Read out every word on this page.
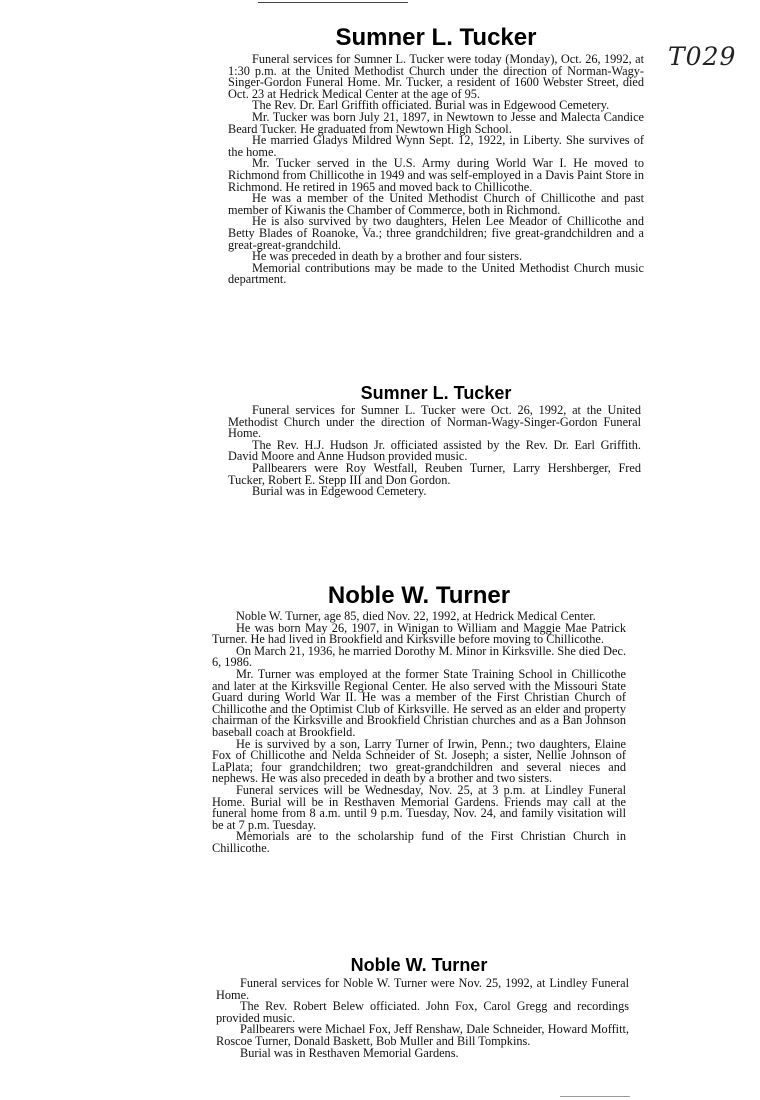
T029
Sumner L. Tucker

Funeral services for Sumner L. Tucker were today (Monday), Oct. 26, 1992, at 1:30 p.m. at the United Methodist Church under the direction of Norman-Wagy-Singer-Gordon Funeral Home. Mr. Tucker, a resident of 1600 Webster Street, died Oct. 23 at Hedrick Medical Center at the age of 95.

The Rev. Dr. Earl Griffith officiated. Burial was in Edgewood Cemetery.

Mr. Tucker was born July 21, 1897, in Newtown to Jesse and Malecta Candice Beard Tucker. He graduated from Newtown High School.

He married Gladys Mildred Wynn Sept. 12, 1922, in Liberty. She survives of the home.

Mr. Tucker served in the U.S. Army during World War I. He moved to Richmond from Chillicothe in 1949 and was self-employed in a Davis Paint Store in Richmond. He retired in 1965 and moved back to Chillicothe.

He was a member of the United Methodist Church of Chillicothe and past member of Kiwanis the Chamber of Commerce, both in Richmond.

He is also survived by two daughters, Helen Lee Meador of Chillicothe and Betty Blades of Roanoke, Va.; three grandchildren; five great-grandchildren and a great-great-grandchild.

He was preceded in death by a brother and four sisters.

Memorial contributions may be made to the United Methodist Church music department.

Sumner L. Tucker

Funeral services for Sumner L. Tucker were Oct. 26, 1992, at the United Methodist Church under the direction of Norman-Wagy-Singer-Gordon Funeral Home.

The Rev. H.J. Hudson Jr. officiated assisted by the Rev. Dr. Earl Griffith. David Moore and Anne Hudson provided music.

Pallbearers were Roy Westfall, Reuben Turner, Larry Hershberger, Fred Tucker, Robert E. Stepp III and Don Gordon.

Burial was in Edgewood Cemetery.

Noble W. Turner

Noble W. Turner, age 85, died Nov. 22, 1992, at Hedrick Medical Center.

He was born May 26, 1907, in Winigan to William and Maggie Mae Patrick Turner. He had lived in Brookfield and Kirksville before moving to Chillicothe.

On March 21, 1936, he married Dorothy M. Minor in Kirksville. She died Dec. 6, 1986.

Mr. Turner was employed at the former State Training School in Chillicothe and later at the Kirksville Regional Center. He also served with the Missouri State Guard during World War II. He was a member of the First Christian Church of Chillicothe and the Optimist Club of Kirksville. He served as an elder and property chairman of the Kirksville and Brookfield Christian churches and as a Ban Johnson baseball coach at Brookfield.

He is survived by a son, Larry Turner of Irwin, Penn.; two daughters, Elaine Fox of Chillicothe and Nelda Schneider of St. Joseph; a sister, Nellie Johnson of LaPlata; four grandchildren; two great-grandchildren and several nieces and nephews. He was also preceded in death by a brother and two sisters.

Funeral services will be Wednesday, Nov. 25, at 3 p.m. at Lindley Funeral Home. Burial will be in Resthaven Memorial Gardens. Friends may call at the funeral home from 8 a.m. until 9 p.m. Tuesday, Nov. 24, and family visitation will be at 7 p.m. Tuesday.

Memorials are to the scholarship fund of the First Christian Church in Chillicothe.

Noble W. Turner

Funeral services for Noble W. Turner were Nov. 25, 1992, at Lindley Funeral Home.

The Rev. Robert Belew officiated. John Fox, Carol Gregg and recordings provided music.

Pallbearers were Michael Fox, Jeff Renshaw, Dale Schneider, Howard Moffitt, Roscoe Turner, Donald Baskett, Bob Muller and Bill Tompkins.

Burial was in Resthaven Memorial Gardens.
